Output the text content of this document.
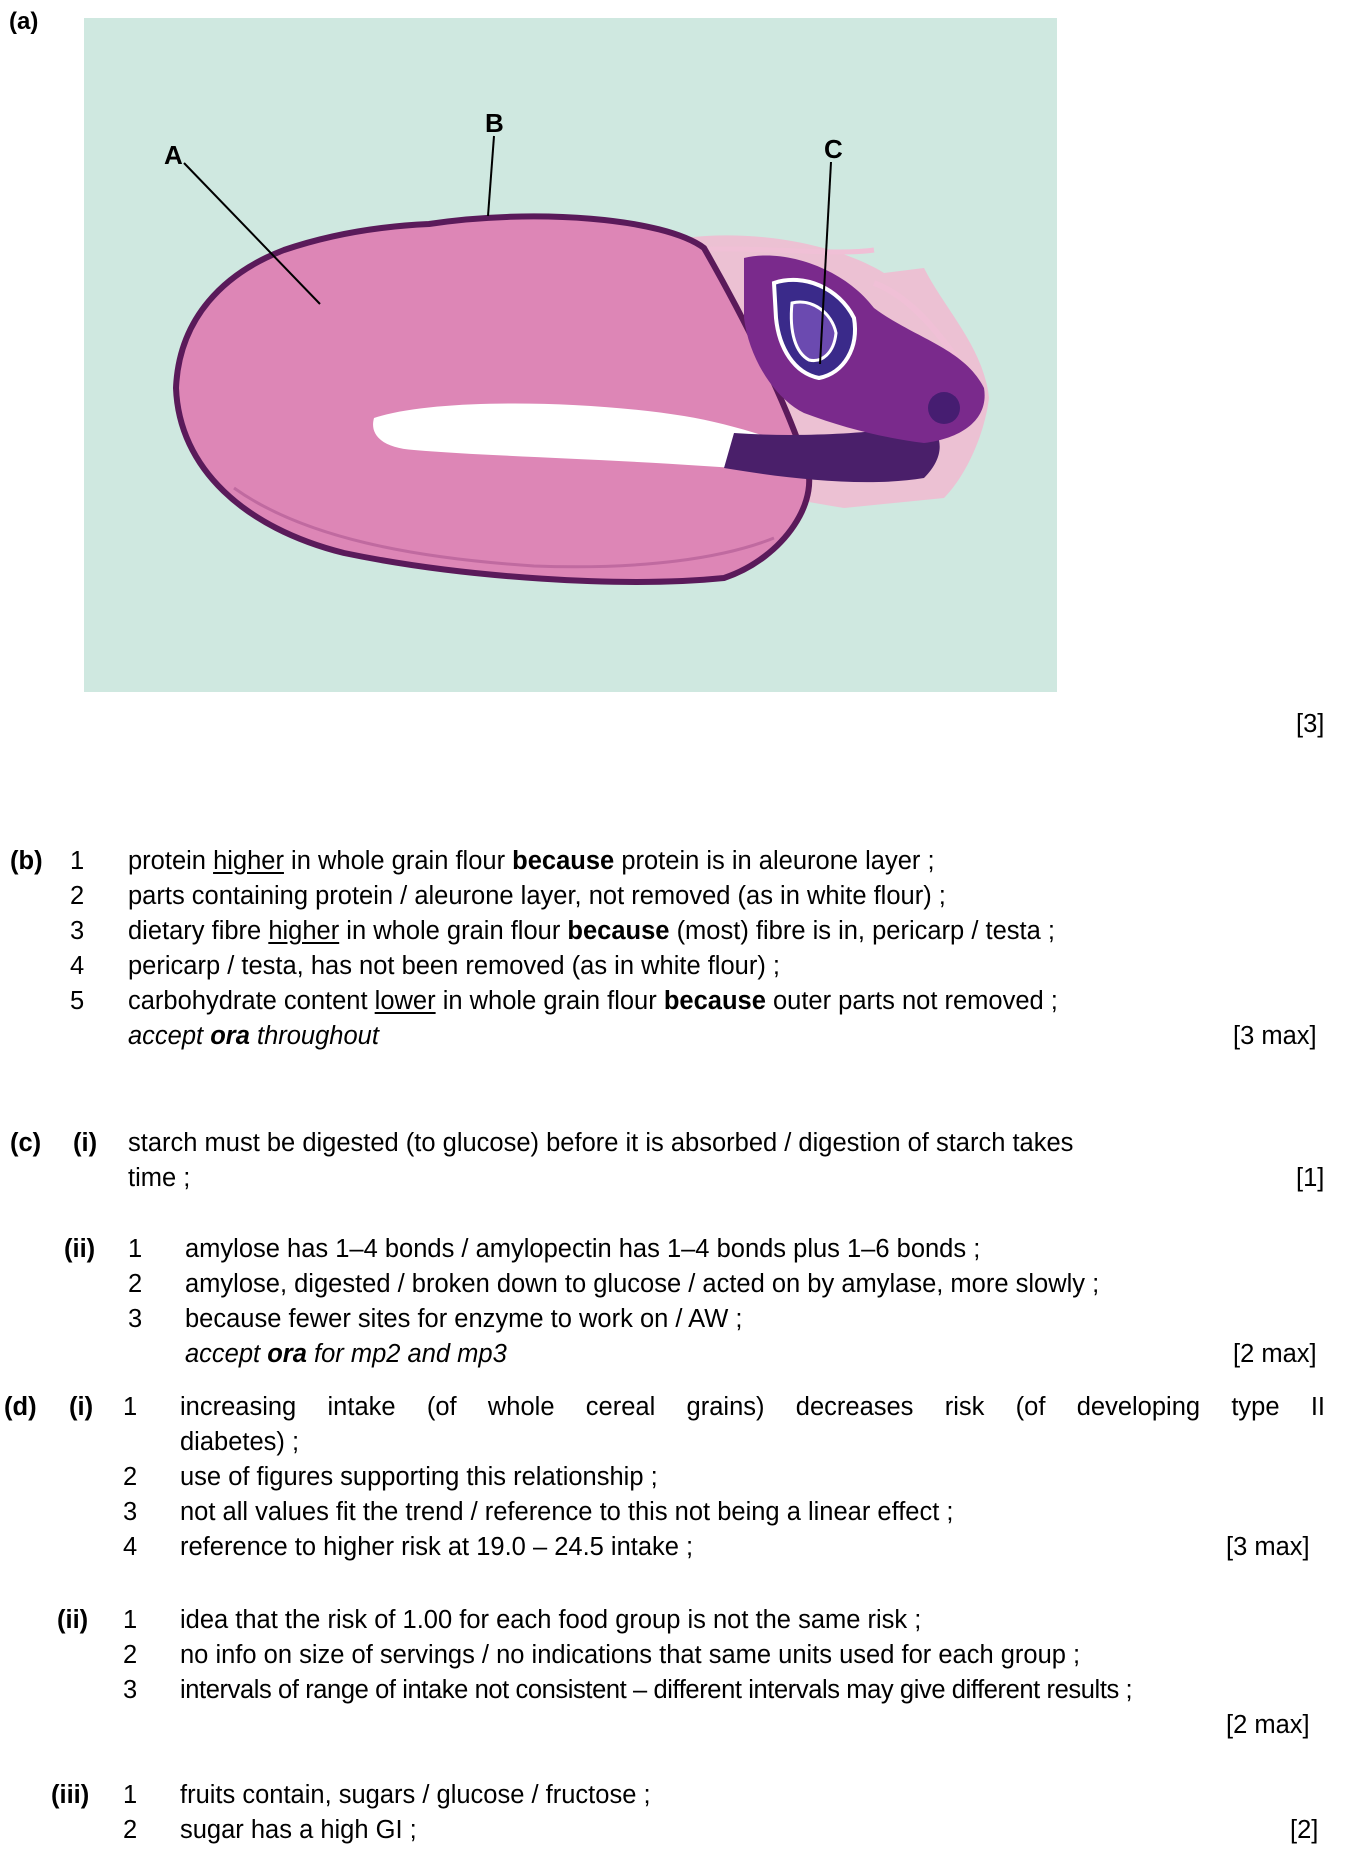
(a)
A
B
C
[3]
(b) 1 protein higher in whole grain flour because protein is in aleurone layer ;
2 parts containing protein / aleurone layer, not removed (as in white flour) ;
3 dietary fibre higher in whole grain flour because (most) fibre is in, pericarp / testa ;
4 pericarp / testa, has not been removed (as in white flour) ;
5 carbohydrate content lower in whole grain flour because outer parts not removed ;
accept ora throughout	[3 max]
(c) (i) starch must be digested (to glucose) before it is absorbed / digestion of starch takes
time ;	[1]
(ii) 1 amylose has 1–4 bonds / amylopectin has 1–4 bonds plus 1–6 bonds ;
2 amylose, digested / broken down to glucose / acted on by amylase, more slowly ;
3 because fewer sites for enzyme to work on / AW ;
accept ora for mp2 and mp3	[2 max]
(d) (i) 1 increasing intake (of whole cereal grains) decreases risk (of developing type II
diabetes) ;
2 use of figures supporting this relationship ;
3 not all values fit the trend / reference to this not being a linear effect ;
4 reference to higher risk at 19.0 – 24.5 intake ;	[3 max]
(ii) 1 idea that the risk of 1.00 for each food group is not the same risk ;
2 no info on size of servings / no indications that same units used for each group ;
3 intervals of range of intake not consistent – different intervals may give different results ;
[2 max]
(iii) 1 fruits contain, sugars / glucose / fructose ;
2 sugar has a high GI ;	[2]
